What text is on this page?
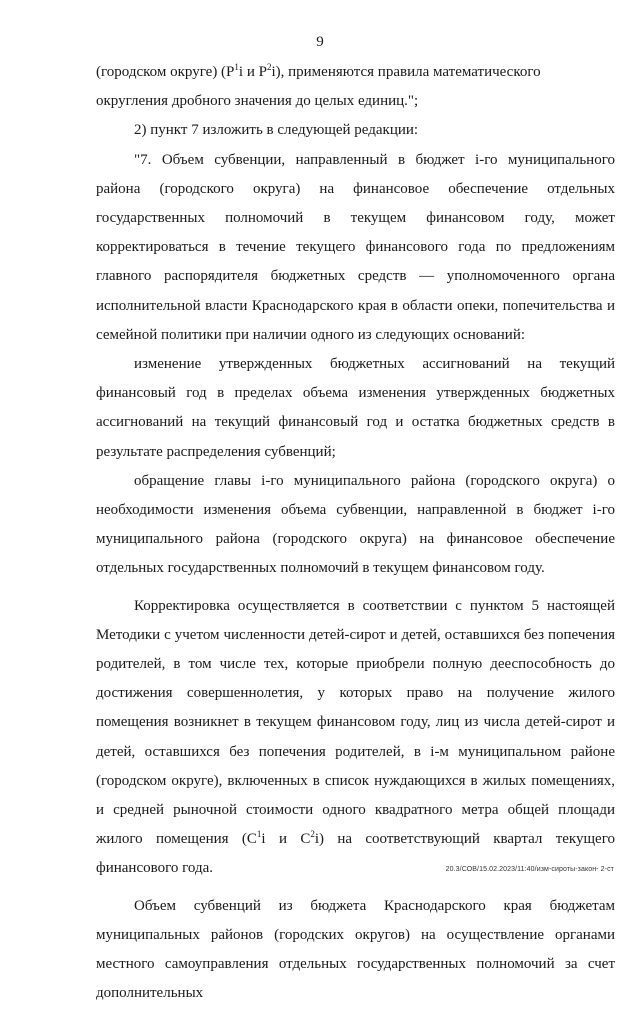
9

(городском округе) ($Р^1i$ и $Р^2i$), применяются правила математического округления дробного значения до целых единиц.";

2) пункт 7 изложить в следующей редакции:

"7. Объем субвенции, направленный в бюджет i-го муниципального района (городского округа) на финансовое обеспечение отдельных государственных полномочий в текущем финансовом году, может корректироваться в течение текущего финансового года по предложениям главного распорядителя бюджетных средств — уполномоченного органа исполнительной власти Краснодарского края в области опеки, попечительства и семейной политики при наличии одного из следующих оснований:

изменение утвержденных бюджетных ассигнований на текущий финансовый год в пределах объема изменения утвержденных бюджетных ассигнований на текущий финансовый год и остатка бюджетных средств в результате распределения субвенций;

обращение главы i-го муниципального района (городского округа) о необходимости изменения объема субвенции, направленной в бюджет i-го муниципального района (городского округа) на финансовое обеспечение отдельных государственных полномочий в текущем финансовом году.

Корректировка осуществляется в соответствии с пунктом 5 настоящей Методики с учетом численности детей-сирот и детей, оставшихся без попечения родителей, в том числе тех, которые приобрели полную дееспособность до достижения совершеннолетия, у которых право на получение жилого помещения возникнет в текущем финансовом году, лиц из числа детей-сирот и детей, оставшихся без попечения родителей, в i-м муниципальном районе (городском округе), включенных в список нуждающихся в жилых помещениях, и средней рыночной стоимости одного квадратного метра общей площади жилого помещения ($С^1i$ и $С^2i$) на соответствующий квартал текущего финансового года.

Объем субвенций из бюджета Краснодарского края бюджетам муниципальных районов (городских округов) на осуществление органами местного самоуправления отдельных государственных полномочий за счет дополнительных

20.3/СОВ/15.02.2023/11:40/изм-сироты-закон- 2-ст
